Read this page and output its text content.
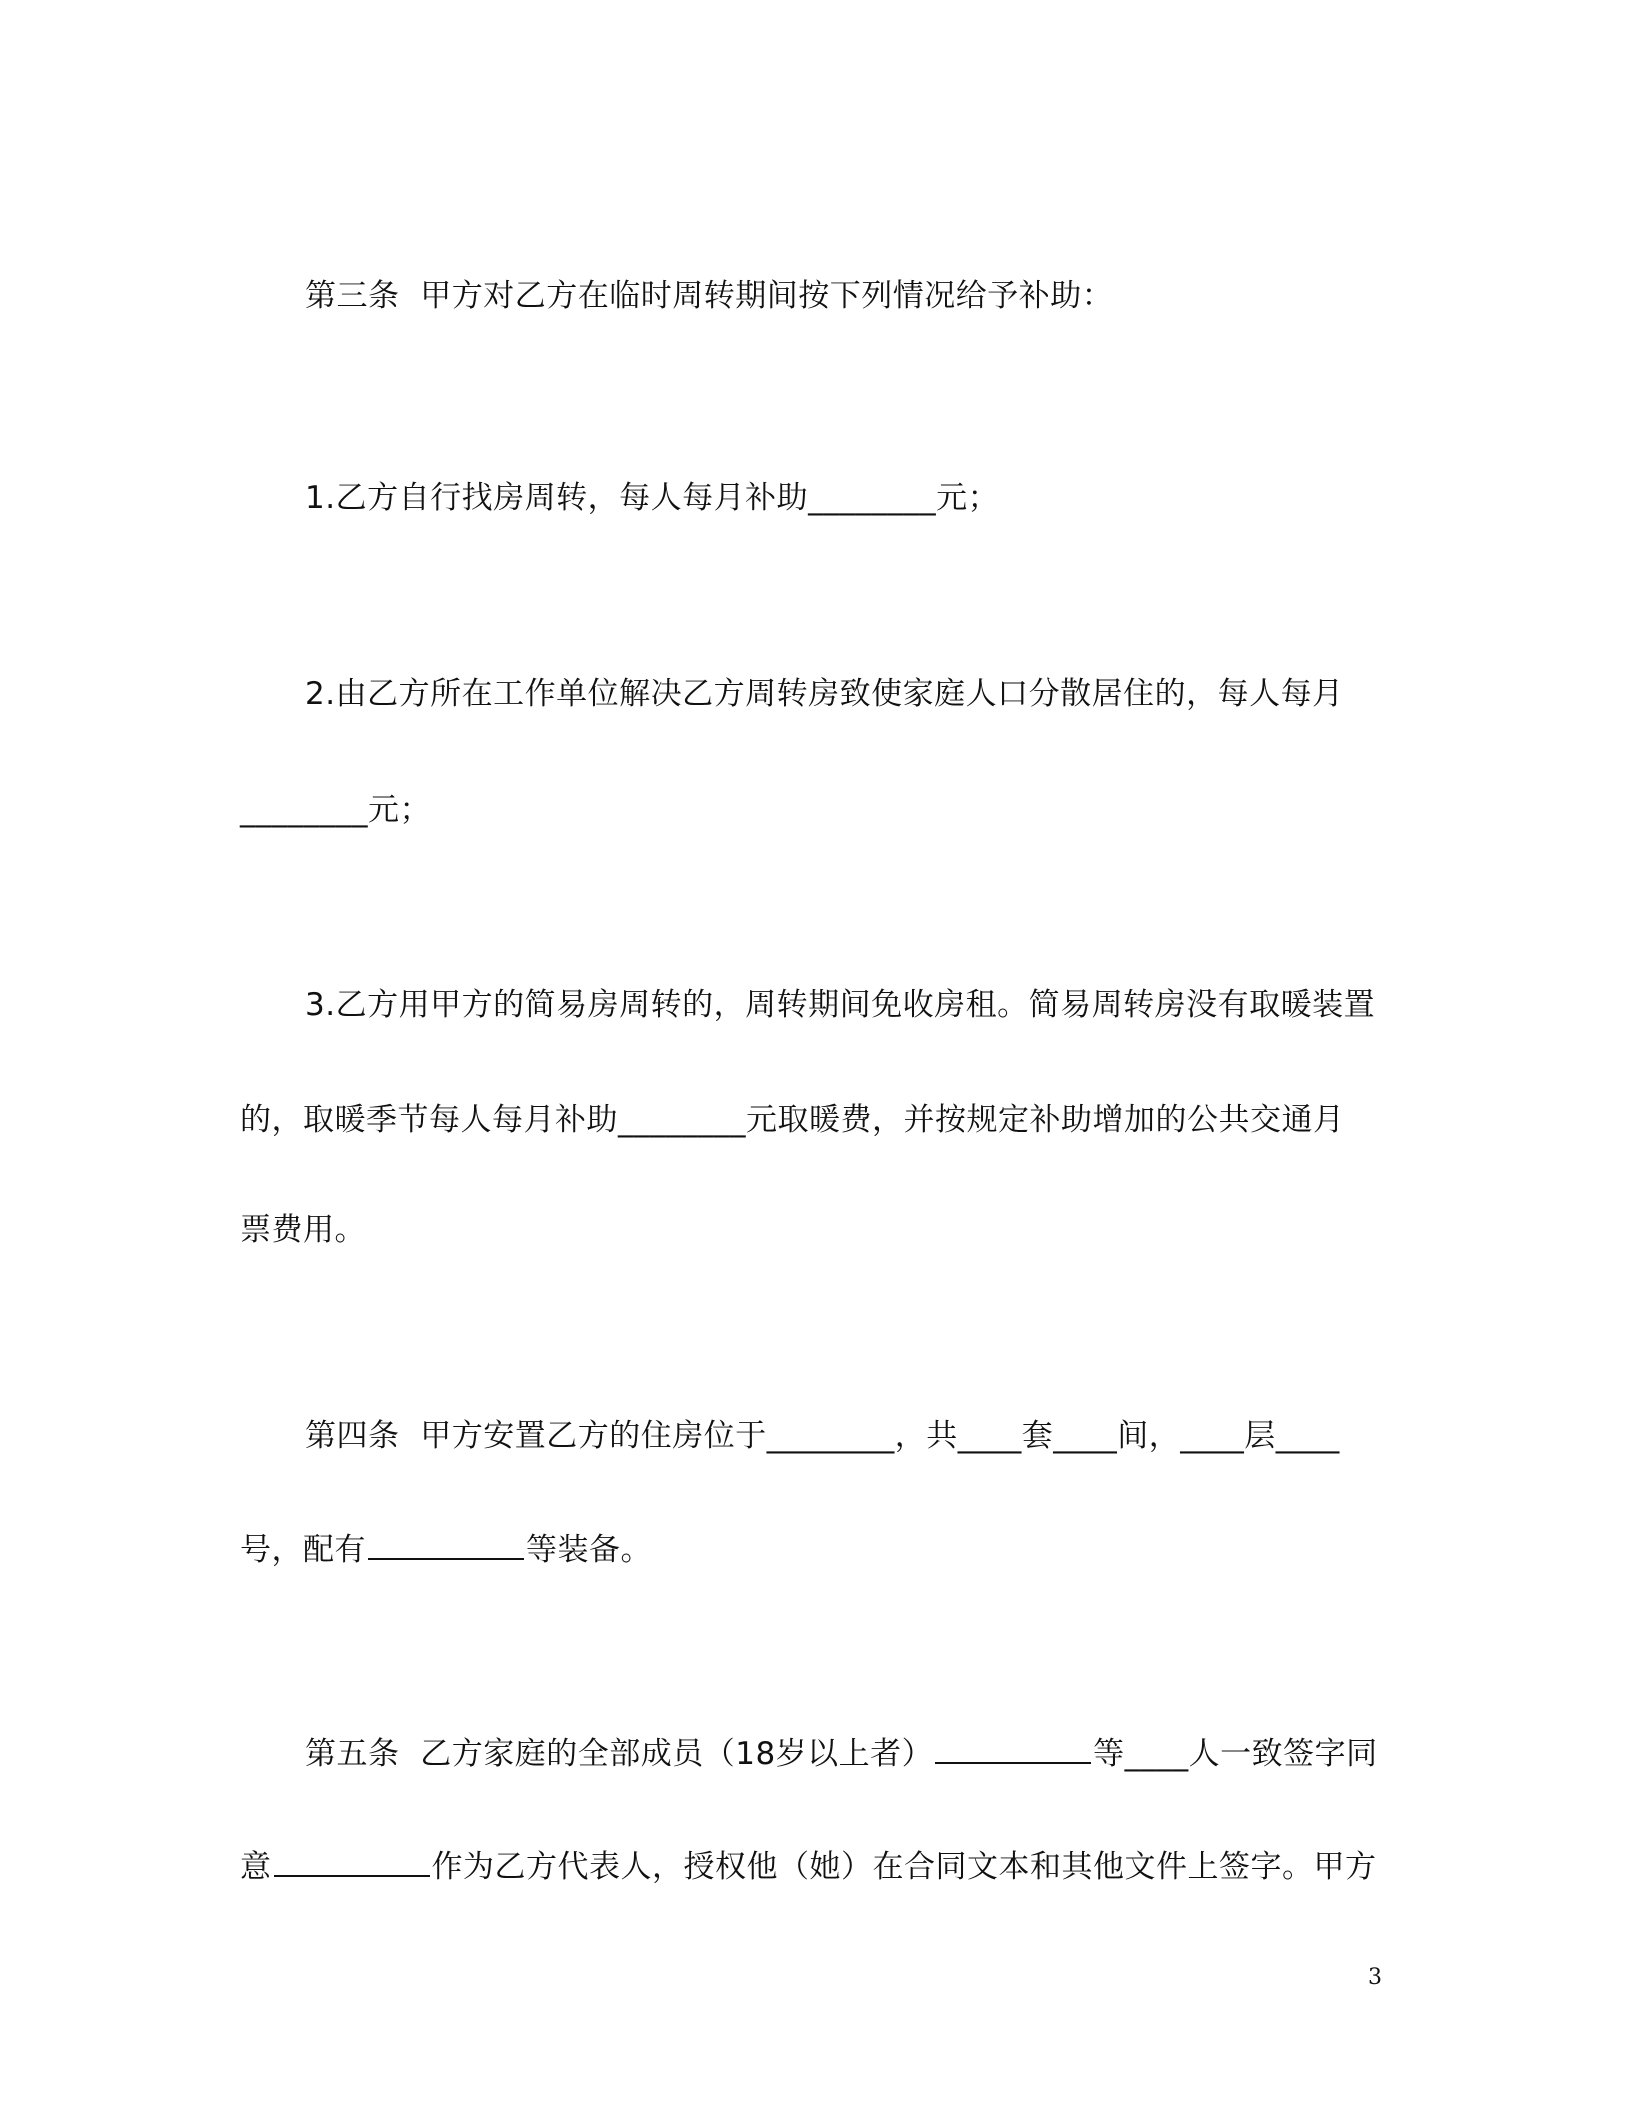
第三条 甲方对乙方在临时周转期间按下列情况给予补助：
1.乙方自行找房周转，每人每月补助________元；
2.由乙方所在工作单位解决乙方周转房致使家庭人口分散居住的，每人每月
________元；
3.乙方用甲方的简易房周转的，周转期间免收房租。简易周转房没有取暖装置
的，取暖季节每人每月补助________元取暖费，并按规定补助增加的公共交通月
票费用。
第四条 甲方安置乙方的住房位于________，共____套____间，____层____
号，配有	等装备。
第五条 乙方家庭的全部成员（18岁以上者）	等____人一致签字同
意	作为乙方代表人，授权他（她）在合同文本和其他文件上签字。甲方
3
